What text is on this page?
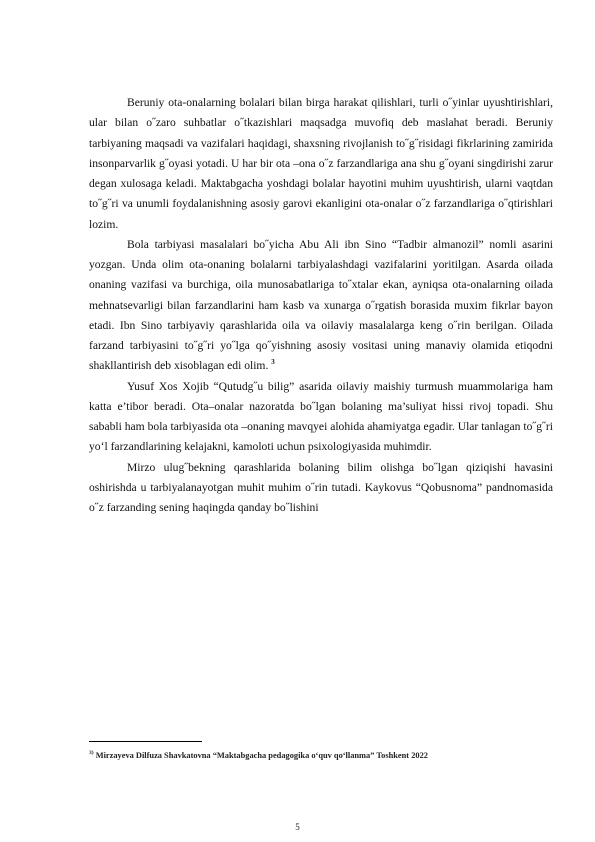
Beruniy ota-onalarning bolalari bilan birga harakat qilishlari, turli o˝yinlar uyushtirishlari, ular bilan o˝zaro suhbatlar o˝tkazishlari maqsadga muvofiq deb maslahat beradi. Beruniy tarbiyaning maqsadi va vazifalari haqidagi, shaxsning rivojlanish to˝g˝risidagi fikrlarining zamirida insonparvarlik g˝oyasi yotadi. U har bir ota –ona o˝z farzandlariga ana shu g˝oyani singdirishi zarur degan xulosaga keladi. Maktabgacha yoshdagi bolalar hayotini muhim uyushtirish, ularni vaqtdan to˝g˝ri va unumli foydalanishning asosiy garovi ekanligini ota-onalar o˝z farzandlariga o˝qtirishlari lozim.

Bola tarbiyasi masalalari bo˝yicha Abu Ali ibn Sino “Tadbir almanozil” nomli asarini yozgan. Unda olim ota-onaning bolalarni tarbiyalashdagi vazifalarini yoritilgan. Asarda oilada onaning vazifasi va burchiga, oila munosabatlariga to˝xtalar ekan, ayniqsa ota-onalarning oilada mehnatsevarligi bilan farzandlarini ham kasb va xunarga o˝rgatish borasida muxim fikrlar bayon etadi. Ibn Sino tarbiyaviy qarashlarida oila va oilaviy masalalarga keng o˝rin berilgan. Oilada farzand tarbiyasini to˝g˝ri yo˝lga qo˝yishning asosiy vositasi uning manaviy olamida etiqodni shakllantirish deb xisoblagan edi olim. $^3$

Yusuf Xos Xojib “Qutudg˝u bilig” asarida oilaviy maishiy turmush muammolariga ham katta e’tibor beradi. Ota–onalar nazoratda bo˝lgan bolaning ma’suliyat hissi rivoj topadi. Shu sababli ham bola tarbiyasida ota –onaning mavqyei alohida ahamiyatga egadir. Ular tanlagan to˝g˝ri yo‘l farzandlarining kelajakni, kamoloti uchun psixologiyasida muhimdir.

Mirzo ulug˝bekning qarashlarida bolaning bilim olishga bo˝lgan qiziqishi havasini oshirishda u tarbiyalanayotgan muhit muhim o˝rin tutadi. Kaykovus “Qobusnoma” pandnomasida o˝z farzanding sening haqingda qanday bo˝lishini

$^{3)}$ Mirzayeva Dilfuza Shavkatovna “Maktabgacha pedagogika o‘quv qo‘llanma” Toshkent 2022
5
